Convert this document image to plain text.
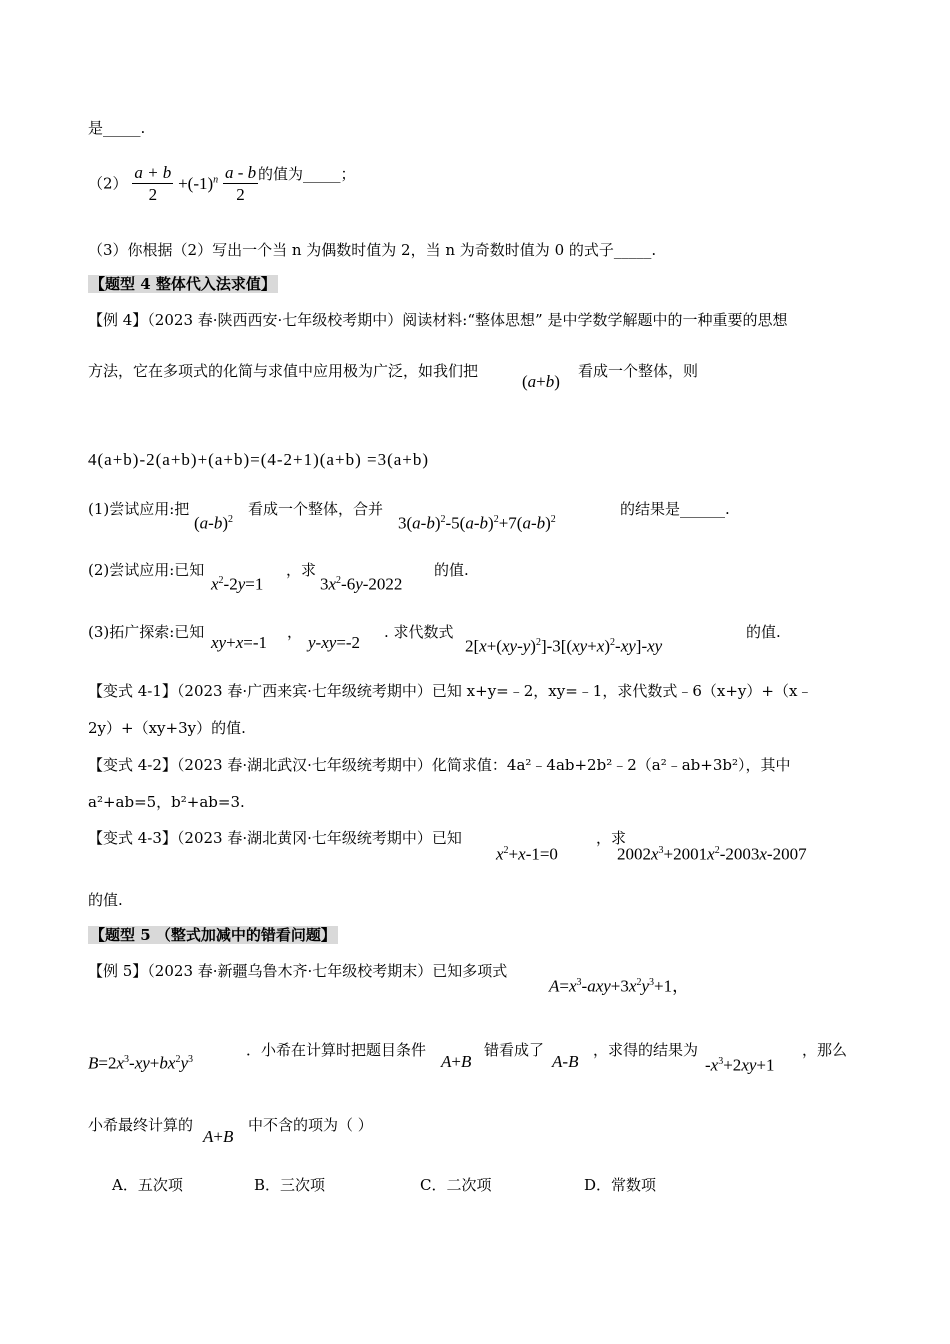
是_____.
$(2) \frac{a + b}{2} +(-1)^n \frac{a - b}{2}$ 的值为_____；
（3）你根据（2）写出一个当 n 为偶数时值为 2，当 n 为奇数时值为 0 的式子_____.
【题型 4 整体代入法求值】
【例 4】（2023 春·陕西西安·七年级校考期中）阅读材料:“整体思想” 是中学数学解题中的一种重要的思想
方法，它在多项式的化简与求值中应用极为广泛，如我们把
(a+b)
看成一个整体，则
4(a+b)-2(a+b)+(a+b)=(4-2+1)(a+b) =3(a+b)
(1)尝试应用:把
$(a-b)^2$
看成一个整体，合并
$3(a-b)^2-5(a-b)^2+7(a-b)^2$
的结果是______.
(2)尝试应用:已知
$x^2-2y=1$
，求
$3x^2-6y-2022$
的值.
(3)拓广探索:已知
xy+x=-1
，
y-xy=-2
. 求代数式
$2[x+(xy-y)^2]-3[(xy+x)^2-xy]-xy$
的值.
【变式 4-1】（2023 春·广西来宾·七年级统考期中）已知 x+y=﹣2，xy=﹣1，求代数式﹣6（x+y）+（x﹣
2y）+（xy+3y）的值.
【变式 4-2】（2023 春·湖北武汉·七年级统考期中）化简求值：4a²﹣4ab+2b²﹣2（a²﹣ab+3b²），其中
a²+ab=5，b²+ab=3.
【变式 4-3】（2023 春·湖北黄冈·七年级统考期中）已知
$x^2+x-1=0$
，求
$2002x^3+2001x^2-2003x-2007$
的值.
【题型 5 （整式加减中的错看问题】
【例 5】（2023 春·新疆乌鲁木齐·七年级校考期末）已知多项式
$A=x^3-axy+3x^2y^3+1$，
$B=2x^3-xy+bx^2y^3$
．小希在计算时把题目条件
A+B
错看成了
A-B
，求得的结果为
$-x^3+2xy+1$
，那么
小希最终计算的
A+B
中不含的项为（ ）
A．五次项	B．三次项	C．二次项	D．常数项
